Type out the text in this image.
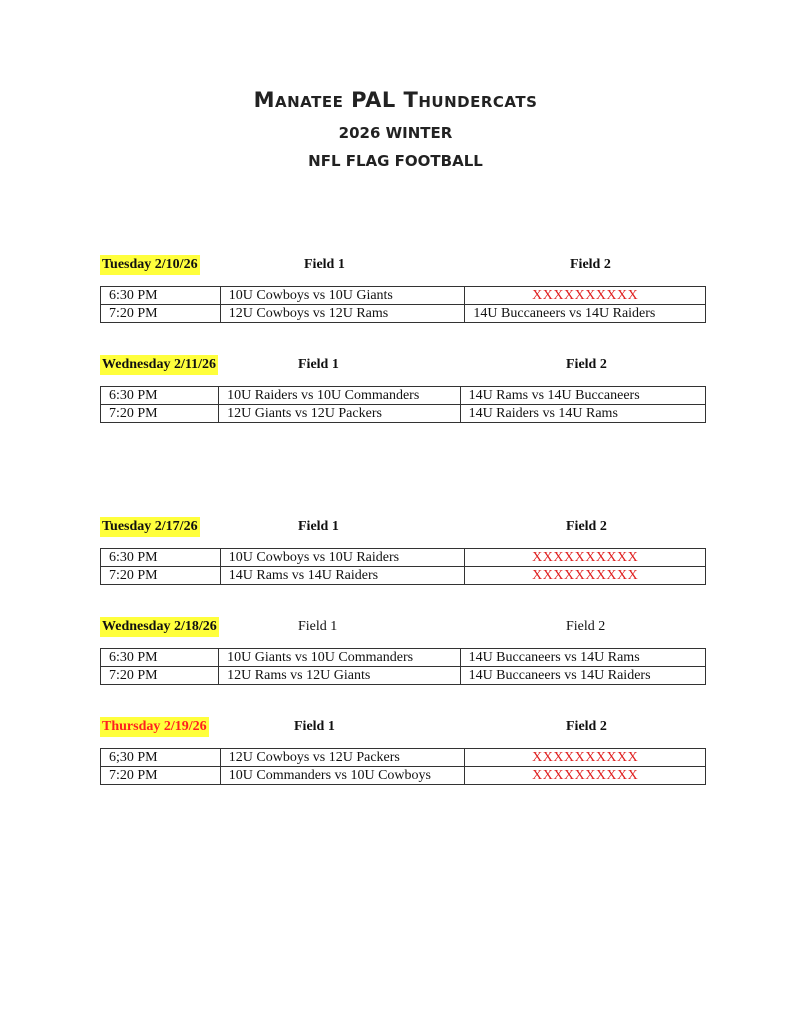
Manatee PAL Thundercats
2026 WINTER
NFL FLAG FOOTBALL
Tuesday 2/10/26	Field 1	Field 2
6:30 PM	10U Cowboys vs 10U Giants	XXXXXXXXXX
7:20 PM	12U Cowboys vs 12U Rams	14U Buccaneers vs 14U Raiders
Wednesday 2/11/26	Field 1	Field 2
6:30 PM	10U Raiders vs 10U Commanders	14U Rams vs 14U Buccaneers
7:20 PM	12U Giants vs 12U Packers	14U Raiders vs 14U Rams
Tuesday 2/17/26	Field 1	Field 2
6:30 PM	10U Cowboys vs 10U Raiders	XXXXXXXXXX
7:20 PM	14U Rams vs 14U Raiders	XXXXXXXXXX
Wednesday 2/18/26	Field 1	Field 2
6:30 PM	10U Giants vs 10U Commanders	14U Buccaneers vs 14U Rams
7:20 PM	12U Rams vs 12U Giants	14U Buccaneers vs 14U Raiders
Thursday 2/19/26	Field 1	Field 2
6;30 PM	12U Cowboys vs 12U Packers	XXXXXXXXXX
7:20 PM	10U Commanders vs 10U Cowboys	XXXXXXXXXX
